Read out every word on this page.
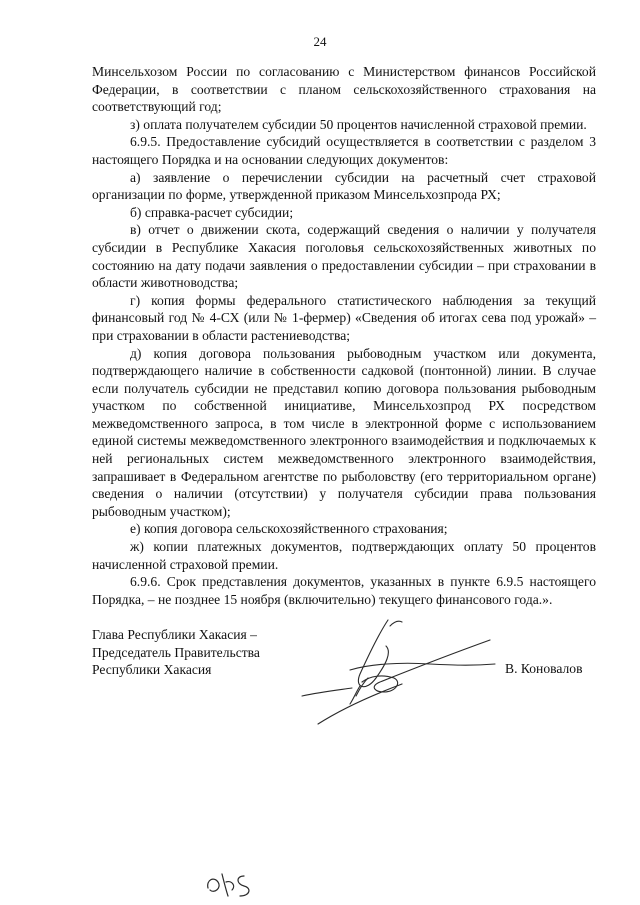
24

Минсельхозом России по согласованию с Министерством финансов Российской Федерации, в соответствии с планом сельскохозяйственного страхования на соответствующий год;

з) оплата получателем субсидии 50 процентов начисленной страховой премии.

6.9.5. Предоставление субсидий осуществляется в соответствии с разделом 3 настоящего Порядка и на основании следующих документов:

а) заявление о перечислении субсидии на расчетный счет страховой организации по форме, утвержденной приказом Минсельхозпрода РХ;

б) справка-расчет субсидии;

в) отчет о движении скота, содержащий сведения о наличии у получателя субсидии в Республике Хакасия поголовья сельскохозяйственных животных по состоянию на дату подачи заявления о предоставлении субсидии – при страховании в области животноводства;

г) копия формы федерального статистического наблюдения за текущий финансовый год № 4-СХ (или № 1-фермер) «Сведения об итогах сева под урожай» – при страховании в области растениеводства;

д) копия договора пользования рыбоводным участком или документа, подтверждающего наличие в собственности садковой (понтонной) линии. В случае если получатель субсидии не представил копию договора пользования рыбоводным участком по собственной инициативе, Минсельхозпрод РХ посредством межведомственного запроса, в том числе в электронной форме с использованием единой системы межведомственного электронного взаимодействия и подключаемых к ней региональных систем межведомственного электронного взаимодействия, запрашивает в Федеральном агентстве по рыболовству (его территориальном органе) сведения о наличии (отсутствии) у получателя субсидии права пользования рыбоводным участком);

е) копия договора сельскохозяйственного страхования;

ж) копии платежных документов, подтверждающих оплату 50 процентов начисленной страховой премии.

6.9.6. Срок представления документов, указанных в пункте 6.9.5 настоящего Порядка, – не позднее 15 ноября (включительно) текущего финансового года.».

Глава Республики Хакасия –
Председатель Правительства
Республики Хакасия	В. Коновалов
